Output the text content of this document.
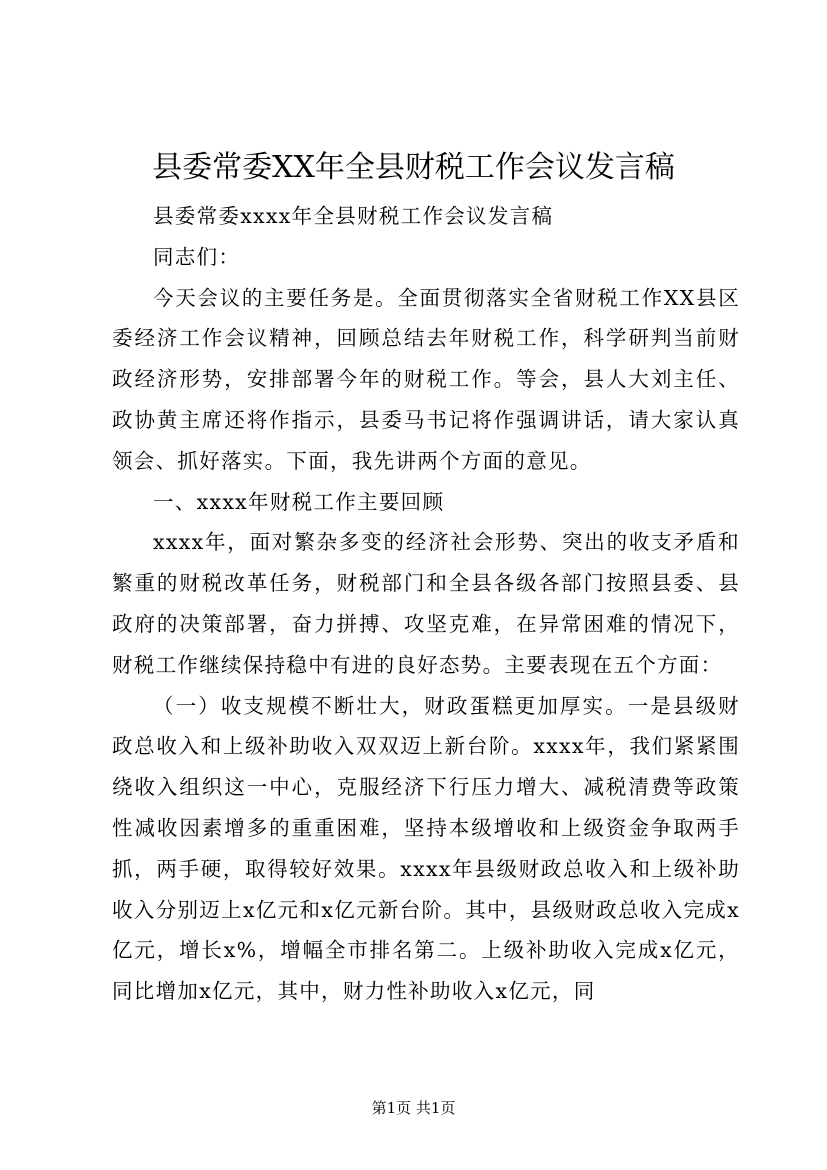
县委常委XX年全县财税工作会议发言稿

县委常委xxxx年全县财税工作会议发言稿

同志们：

今天会议的主要任务是。全面贯彻落实全省财税工作XX县区委经济工作会议精神，回顾总结去年财税工作，科学研判当前财政经济形势，安排部署今年的财税工作。等会，县人大刘主任、政协黄主席还将作指示，县委马书记将作强调讲话，请大家认真领会、抓好落实。下面，我先讲两个方面的意见。

一、xxxx年财税工作主要回顾

xxxx年，面对繁杂多变的经济社会形势、突出的收支矛盾和繁重的财税改革任务，财税部门和全县各级各部门按照县委、县政府的决策部署，奋力拼搏、攻坚克难，在异常困难的情况下，财税工作继续保持稳中有进的良好态势。主要表现在五个方面：

（一）收支规模不断壮大，财政蛋糕更加厚实。一是县级财政总收入和上级补助收入双双迈上新台阶。xxxx年，我们紧紧围绕收入组织这一中心，克服经济下行压力增大、减税清费等政策性减收因素增多的重重困难，坚持本级增收和上级资金争取两手抓，两手硬，取得较好效果。xxxx年县级财政总收入和上级补助收入分别迈上x亿元和x亿元新台阶。其中，县级财政总收入完成x亿元，增长x%，增幅全市排名第二。上级补助收入完成x亿元，同比增加x亿元，其中，财力性补助收入x亿元，同

第1页 共1页
